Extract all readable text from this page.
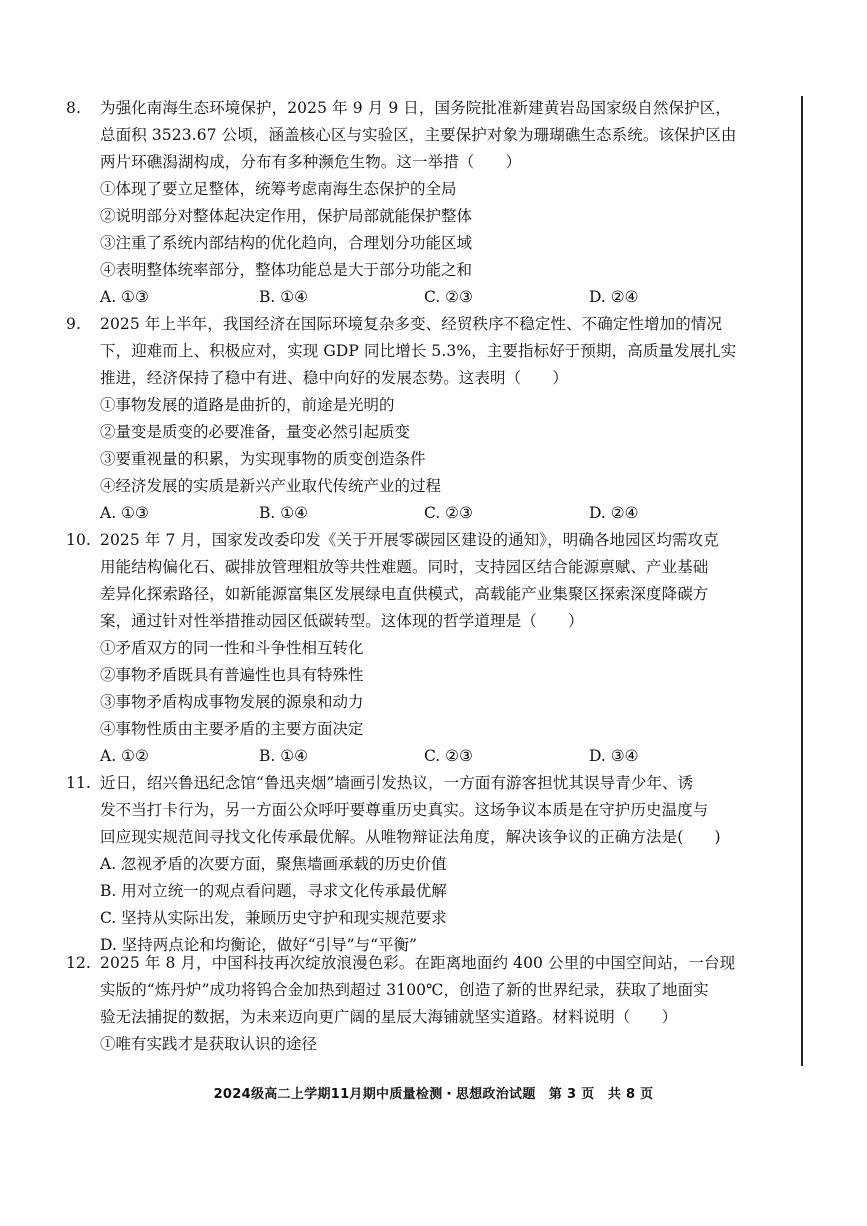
8. 为强化南海生态环境保护，2025 年 9 月 9 日，国务院批准新建黄岩岛国家级自然保护区，
总面积 3523.67 公顷，涵盖核心区与实验区，主要保护对象为珊瑚礁生态系统。该保护区由
两片环礁潟湖构成，分布有多种濒危生物。这一举措（　　）
①体现了要立足整体，统筹考虑南海生态保护的全局
②说明部分对整体起决定作用，保护局部就能保护整体
③注重了系统内部结构的优化趋向，合理划分功能区域
④表明整体统率部分，整体功能总是大于部分功能之和
A. ①③	B. ①④	C. ②③	D. ②④
9. 2025 年上半年，我国经济在国际环境复杂多变、经贸秩序不稳定性、不确定性增加的情况
下，迎难而上、积极应对，实现 GDP 同比增长 5.3%，主要指标好于预期，高质量发展扎实
推进，经济保持了稳中有进、稳中向好的发展态势。这表明（　　）
①事物发展的道路是曲折的，前途是光明的
②量变是质变的必要准备，量变必然引起质变
③要重视量的积累，为实现事物的质变创造条件
④经济发展的实质是新兴产业取代传统产业的过程
A. ①③	B. ①④	C. ②③	D. ②④
10. 2025 年 7 月，国家发改委印发《关于开展零碳园区建设的通知》，明确各地园区均需攻克
用能结构偏化石、碳排放管理粗放等共性难题。同时，支持园区结合能源禀赋、产业基础
差异化探索路径，如新能源富集区发展绿电直供模式，高载能产业集聚区探索深度降碳方
案，通过针对性举措推动园区低碳转型。这体现的哲学道理是（　　）
①矛盾双方的同一性和斗争性相互转化
②事物矛盾既具有普遍性也具有特殊性
③事物矛盾构成事物发展的源泉和动力
④事物性质由主要矛盾的主要方面决定
A. ①②	B. ①④	C. ②③	D. ③④
11. 近日，绍兴鲁迅纪念馆“鲁迅夹烟”墙画引发热议，一方面有游客担忧其误导青少年、诱
发不当打卡行为，另一方面公众呼吁要尊重历史真实。这场争议本质是在守护历史温度与
回应现实规范间寻找文化传承最优解。从唯物辩证法角度，解决该争议的正确方法是(　　)
A. 忽视矛盾的次要方面，聚焦墙画承载的历史价值
B. 用对立统一的观点看问题，寻求文化传承最优解
C. 坚持从实际出发，兼顾历史守护和现实规范要求
D. 坚持两点论和均衡论，做好“引导”与“平衡”
12. 2025 年 8 月，中国科技再次绽放浪漫色彩。在距离地面约 400 公里的中国空间站，一台现
实版的“炼丹炉”成功将钨合金加热到超过 3100℃，创造了新的世界纪录，获取了地面实
验无法捕捉的数据，为未来迈向更广阔的星辰大海铺就坚实道路。材料说明（　　）
①唯有实践才是获取认识的途径
2024级高二上学期11月期中质量检测・思想政治试题　第 3 页　共 8 页
